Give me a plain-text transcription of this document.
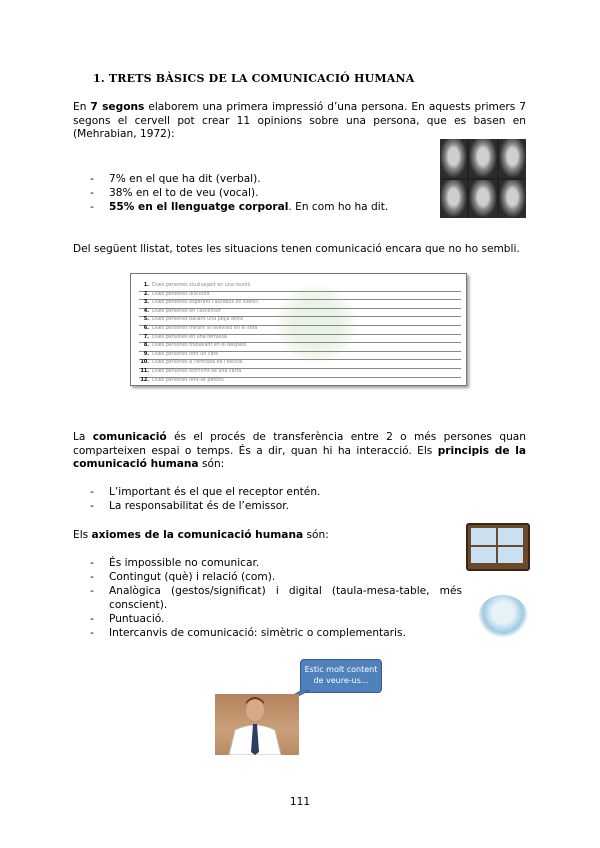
1. TRETS BÀSICS DE LA COMUNICACIÓ HUMANA
En 7 segons elaborem una primera impressió d’una persona. En aquests primers 7 segons el cervell pot crear 11 opinions sobre una persona, que es basen en (Mehrabian, 1972):
- 7% en el que ha dit (verbal).
- 38% en el to de veu (vocal).
- 55% en el llenguatge corporal. En com ho ha dit.
Del següent llistat, totes les situacions tenen comunicació encara que no ho sembli.
1. Dues persones xiuxiuejant en una reunió
2. Dues persones discutint
3. Dues persones esperant l'autobús en silenci
4. Dues persones en l'ascensor
5. Dues persones ballant una peça lenta
6. Dues persones mirant la televisió en el sofà
7. Dues persones en una terrassa
8. Dues persones treballant en el despatx
9. Dues persones fent un cafè
10. Dues persones a l'entrada de l'escola
11. Dues persones escrivint-se una carta
12. Dues persones fent-se petons
La comunicació és el procés de transferència entre 2 o més persones quan comparteixen espai o temps. És a dir, quan hi ha interacció. Els principis de la comunicació humana són:
- L’important és el que el receptor entén.
- La responsabilitat és de l’emissor.
Els axiomes de la comunicació humana són:
- És impossible no comunicar.
- Contingut (què) i relació (com).
- Analògica (gestos/significat) i digital (taula-mesa-table, més
conscient).
- Puntuació.
- Intercanvis de comunicació: simètric o complementaris.
Estic molt content
de veure-us...
111
